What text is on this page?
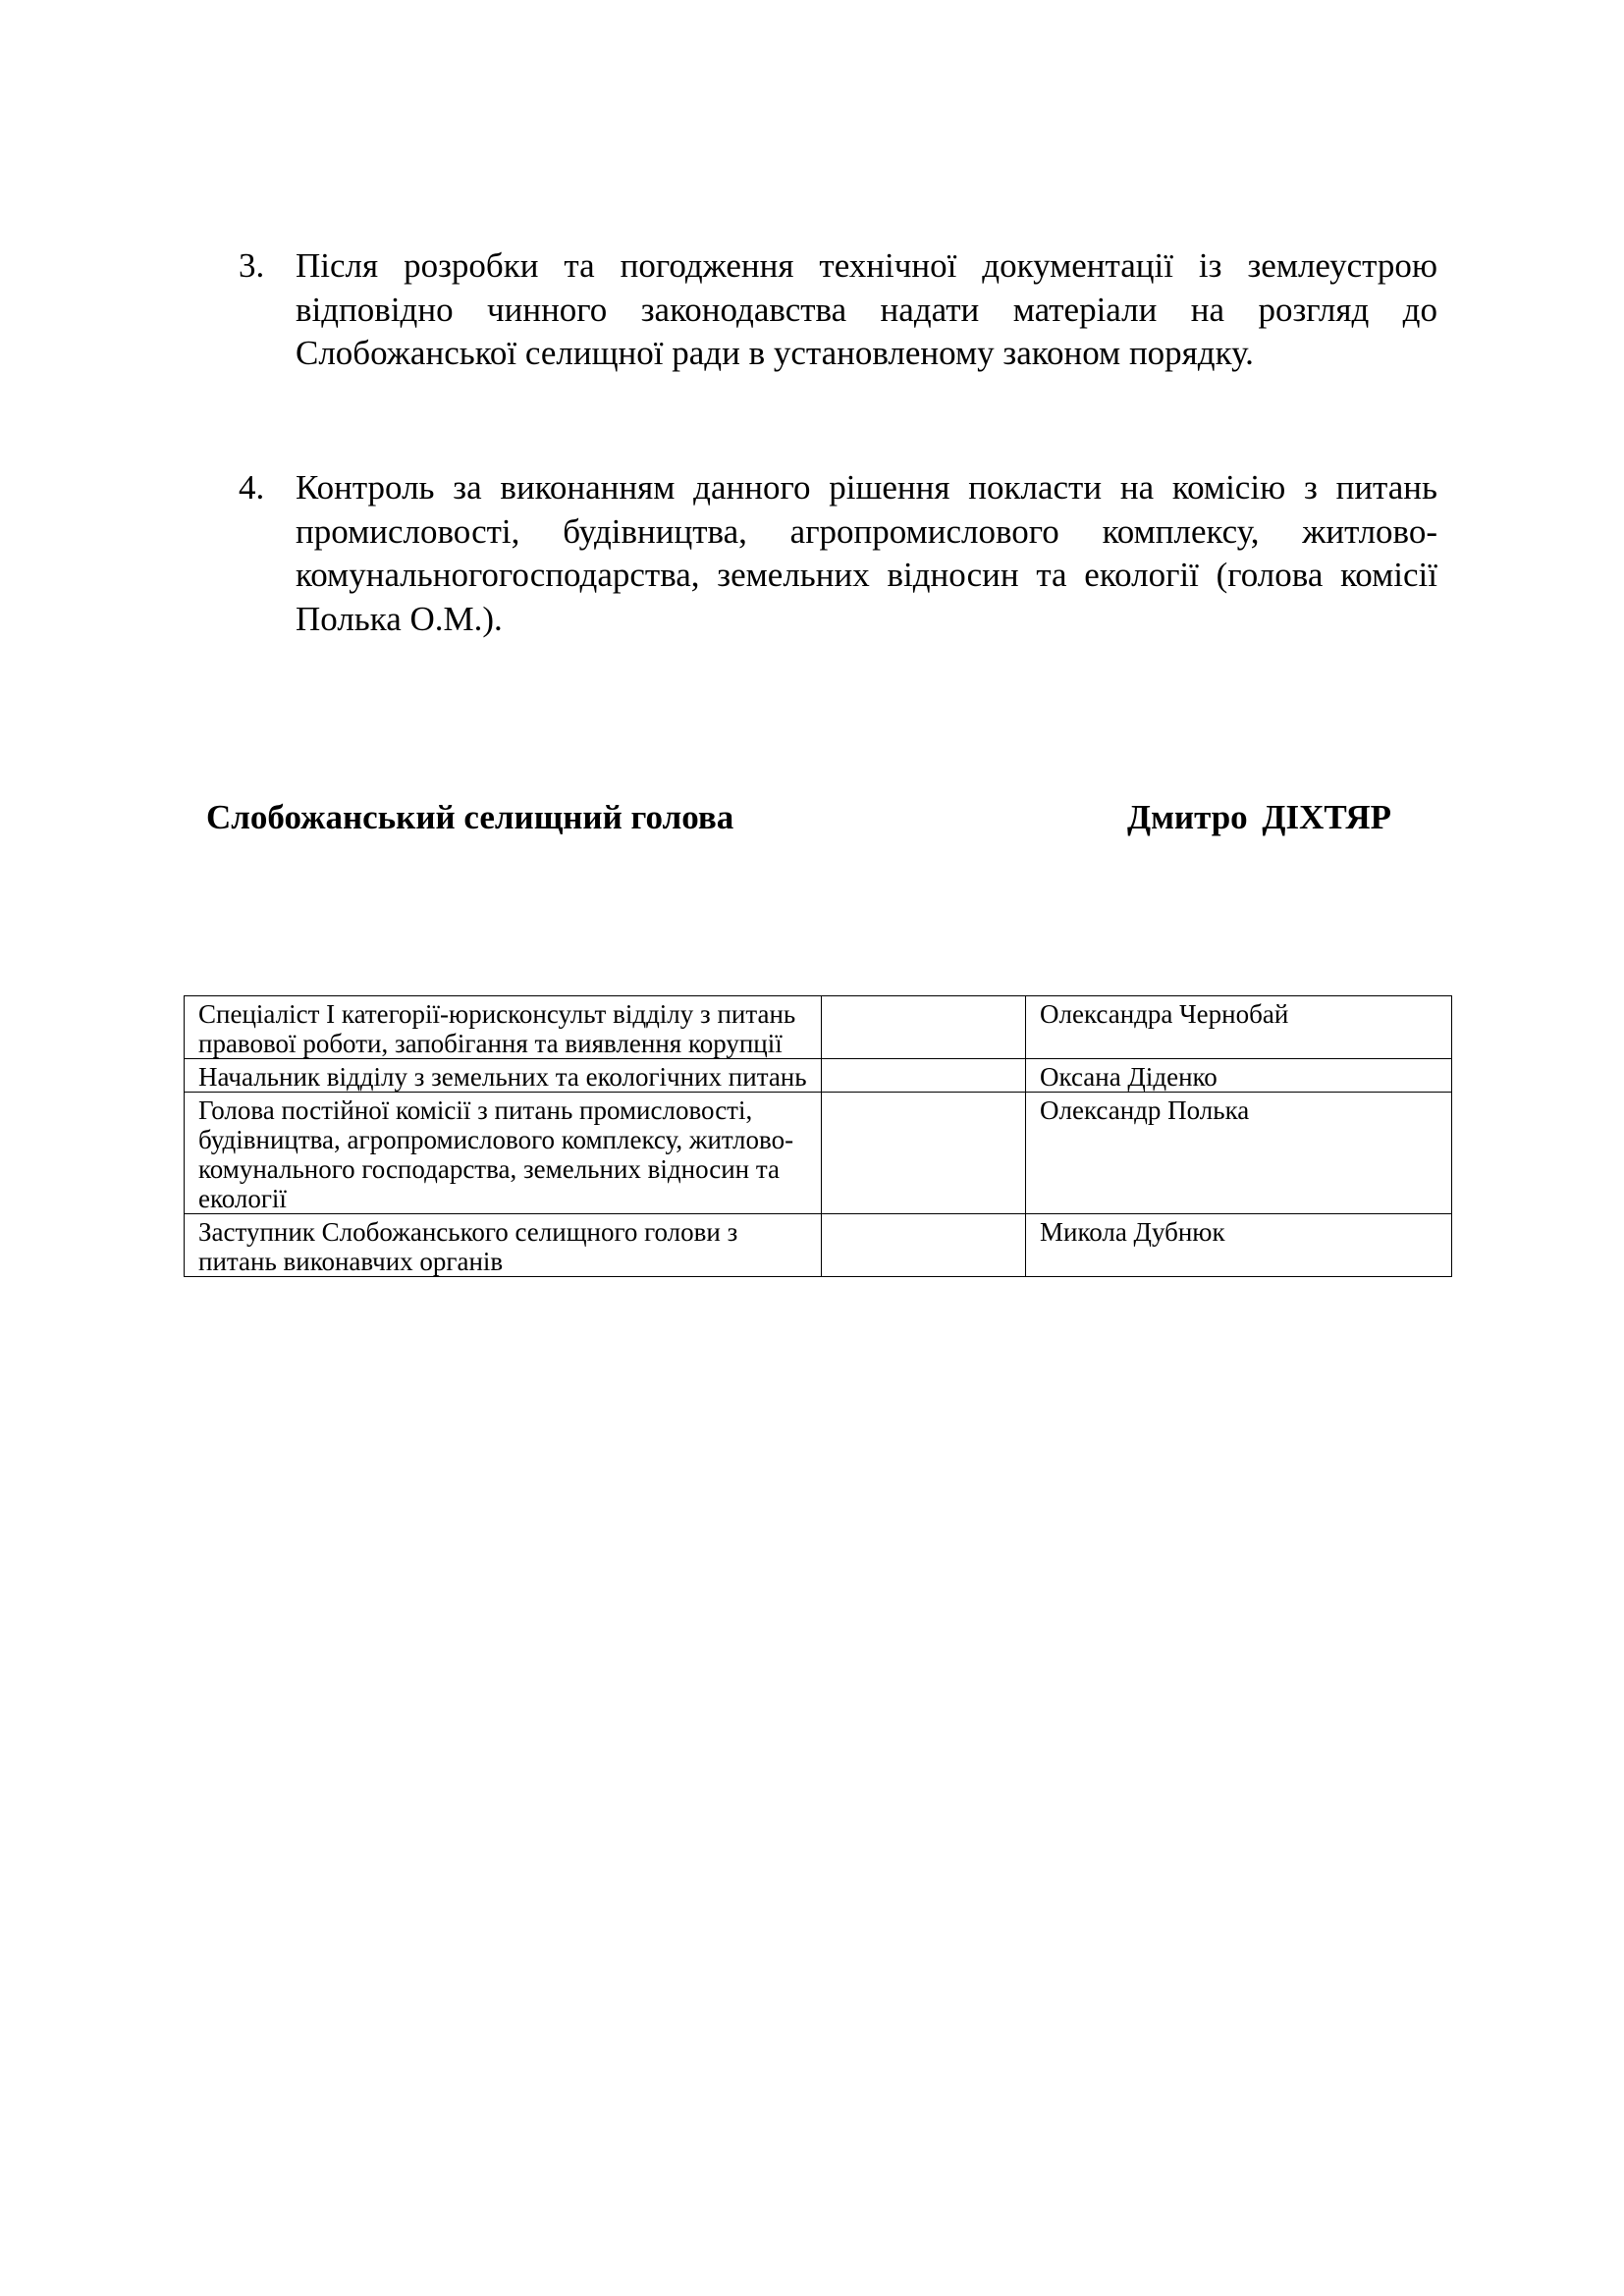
3. Після розробки та погодження технічної документації із землеустрою відповідно чинного законодавства надати матеріали на розгляд до Слобожанської селищної ради в установленому законом порядку.
4. Контроль за виконанням данного рішення покласти на комісію з питань промисловості, будівництва, агропромислового комплексу, житлово-комунальногогосподарства, земельних відносин та екології (голова комісії Полька О.М.).
Слобожанський селищний голова	Дмитро ДІХТЯР
Спеціаліст I категорії-юрисконсульт відділу з питань правової роботи, запобігання та виявлення корупції		Олександра Чернобай
Начальник відділу з земельних та екологічних питань		Оксана Діденко
Голова постійної комісії з питань промисловості, будівництва, агропромислового комплексу, житлово-комунального господарства, земельних відносин та екології		Олександр Полька
Заступник Слобожанського селищного голови з питань виконавчих органів		Микола Дубнюк
